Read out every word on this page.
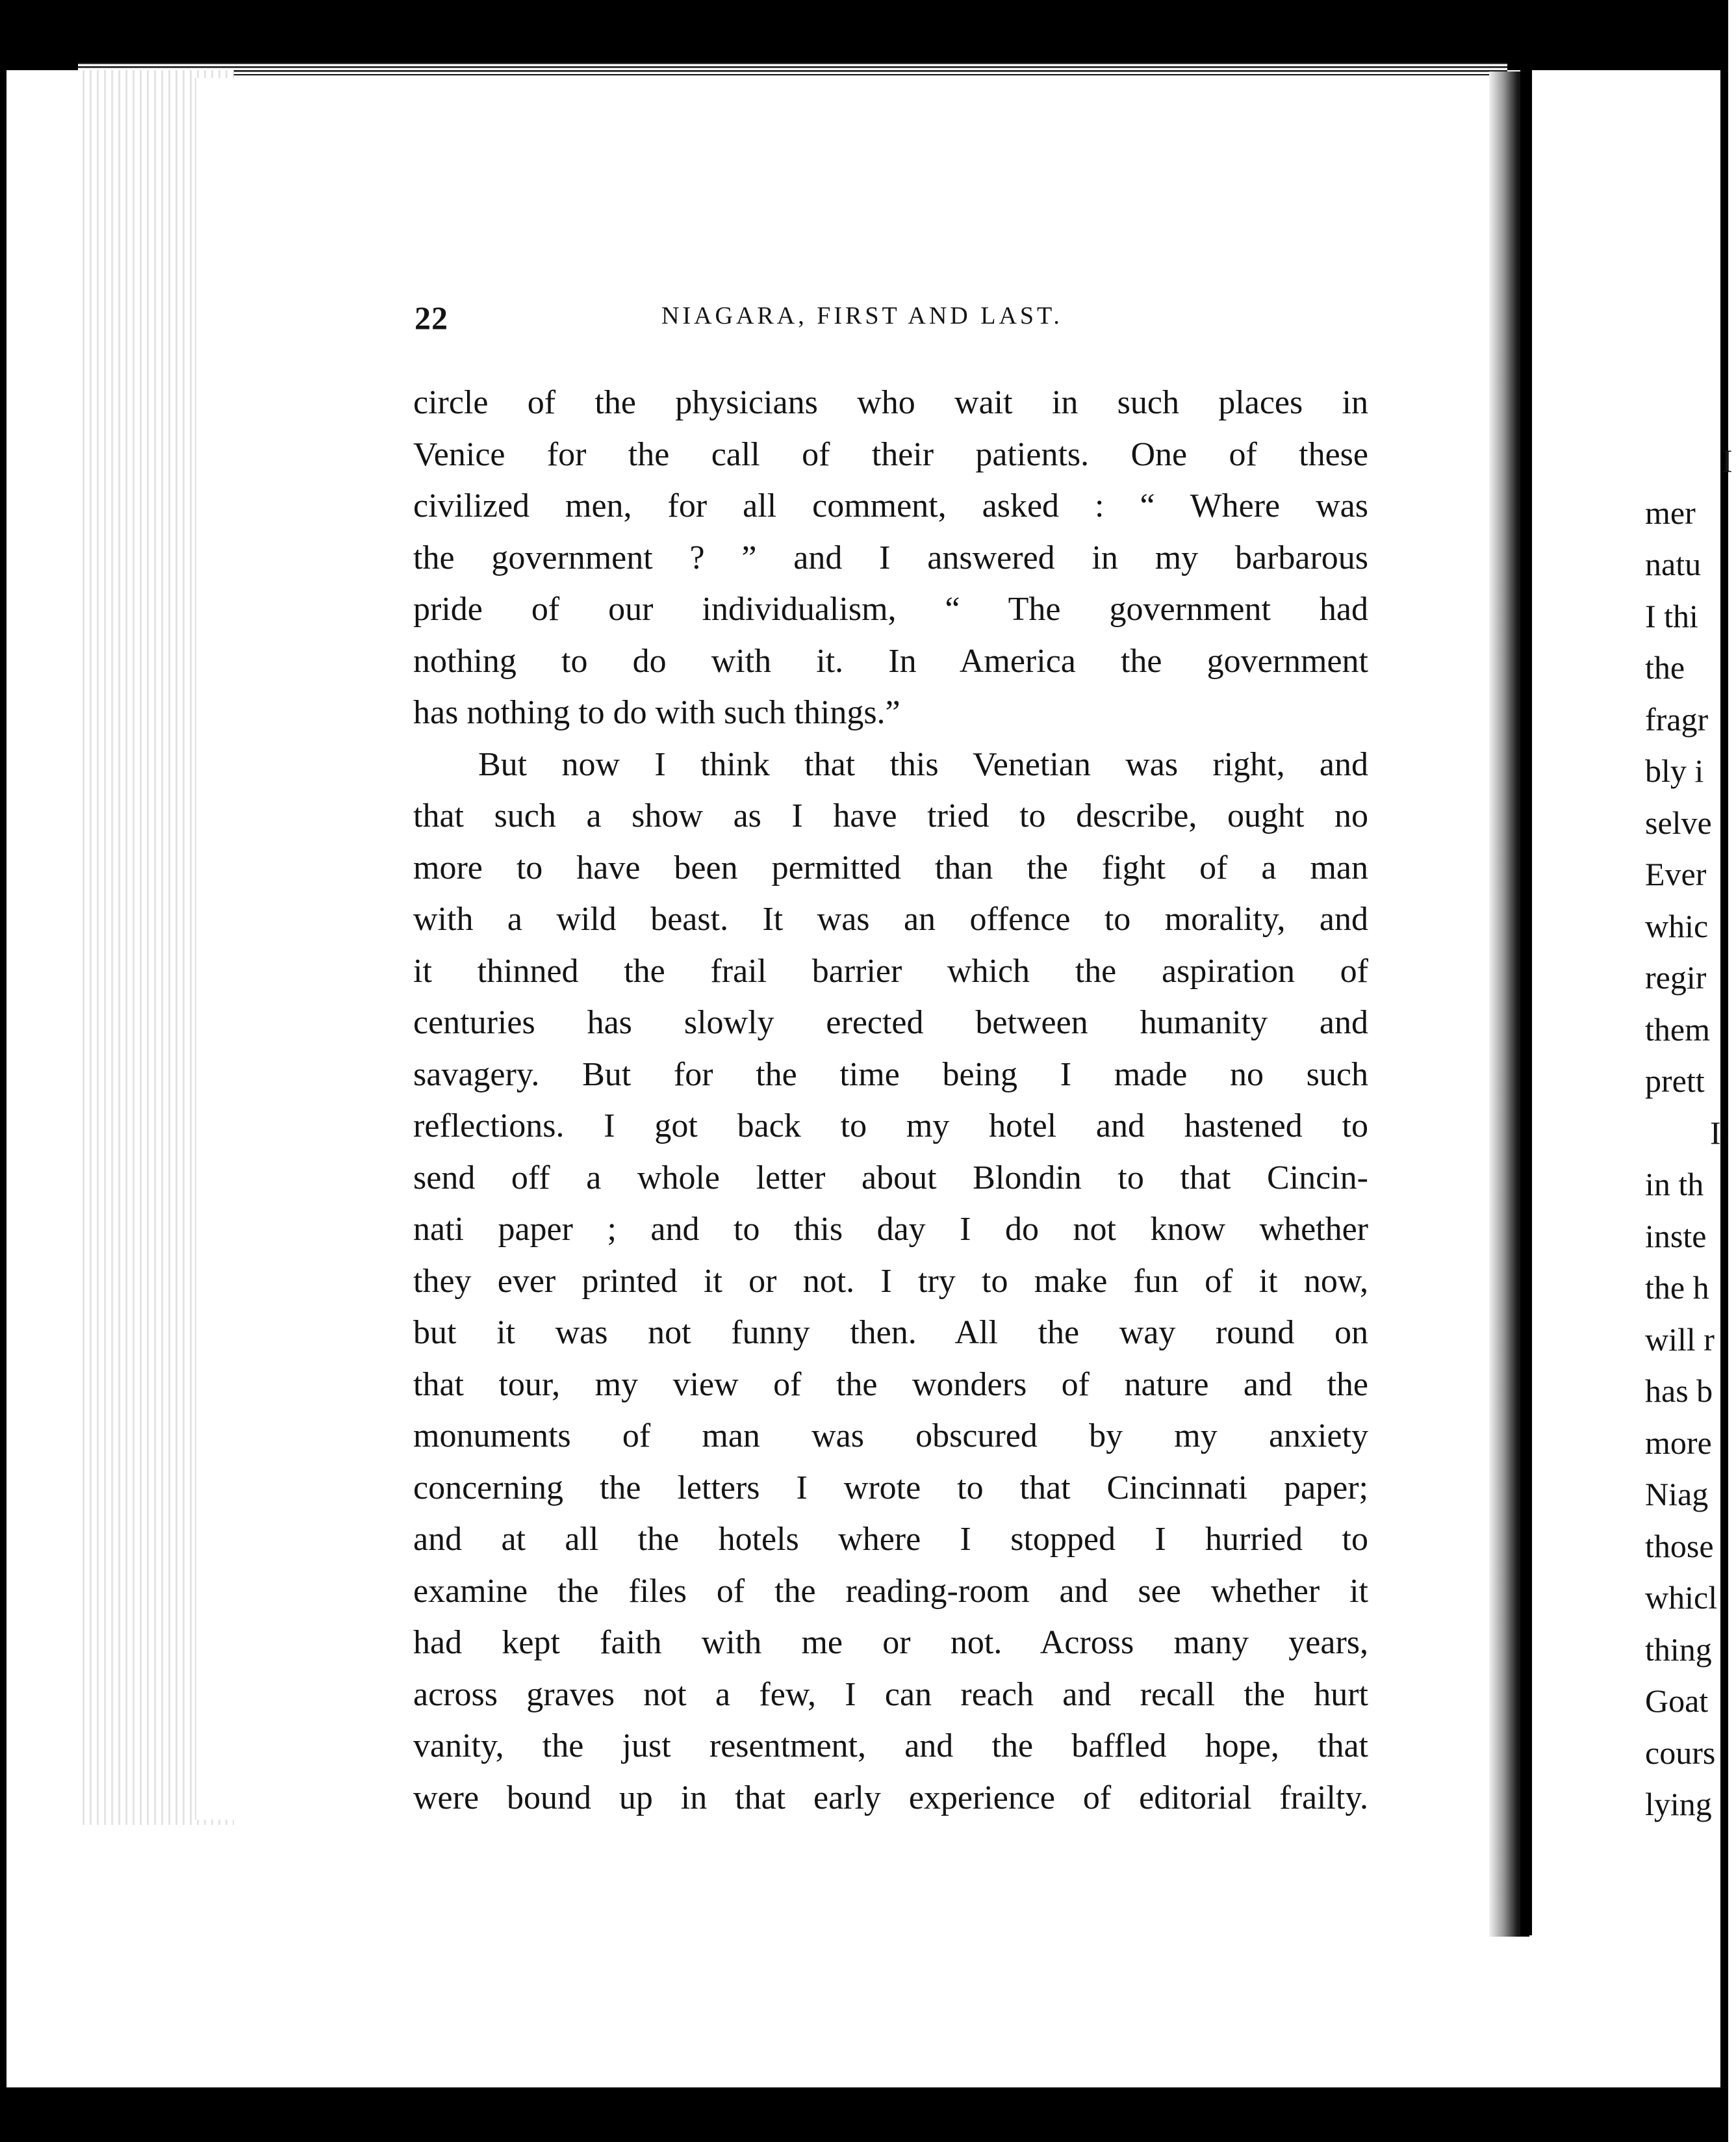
22	NIAGARA, FIRST AND LAST.
circle of the physicians who wait in such places in
Venice for the call of their patients. One of these
civilized men, for all comment, asked : “ Where was
the government ? ” and I answered in my barbarous
pride of our individualism, “ The government had
nothing to do with it. In America the government
has nothing to do with such things.”
But now I think that this Venetian was right, and
that such a show as I have tried to describe, ought no
more to have been permitted than the fight of a man
with a wild beast. It was an offence to morality, and
it thinned the frail barrier which the aspiration of
centuries has slowly erected between humanity and
savagery. But for the time being I made no such
reflections. I got back to my hotel and hastened to
send off a whole letter about Blondin to that Cincin-
nati paper ; and to this day I do not know whether
they ever printed it or not. I try to make fun of it now,
but it was not funny then. All the way round on
that tour, my view of the wonders of nature and the
monuments of man was obscured by my anxiety
concerning the letters I wrote to that Cincinnati paper;
and at all the hotels where I stopped I hurried to
examine the files of the reading-room and see whether it
had kept faith with me or not. Across many years,
across graves not a few, I can reach and recall the hurt
vanity, the just resentment, and the baffled hope, that
were bound up in that early experience of editorial frailty.
I
mer
natu
I thi
the
fragr
bly i
selve
Ever
whic
regir
them
prett
I
in th
inste
the h
will r
has b
more
Niag
those
whicl
thing
Goat
cours
lying
